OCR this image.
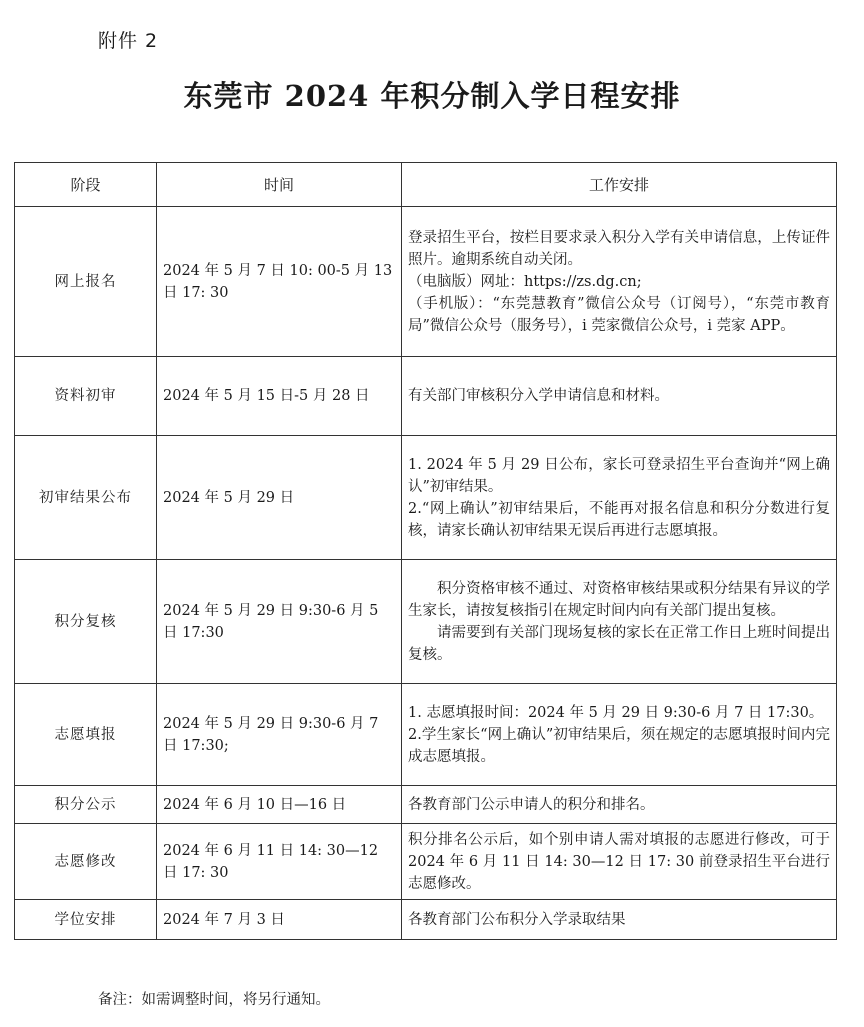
附件 2
东莞市 2024 年积分制入学日程安排
阶段	时间	工作安排
网上报名	2024 年 5 月 7 日 10: 00-5 月 13 日 17: 30	登录招生平台，按栏目要求录入积分入学有关申请信息，上传证件照片。逾期系统自动关闭。
（电脑版）网址：https://zs.dg.cn;
（手机版）：“东莞慧教育”微信公众号（订阅号），“东莞市教育局”微信公众号（服务号），i 莞家微信公众号，i 莞家 APP。

资料初审	2024 年 5 月 15 日-5 月 28 日	有关部门审核积分入学申请信息和材料。

初审结果公布	2024 年 5 月 29 日	1. 2024 年 5 月 29 日公布，家长可登录招生平台查询并“网上确认”初审结果。
2.“网上确认”初审结果后，不能再对报名信息和积分分数进行复核，请家长确认初审结果无误后再进行志愿填报。

积分复核	2024 年 5 月 29 日 9:30-6 月 5 日 17:30	积分资格审核不通过、对资格审核结果或积分结果有异议的学生家长，请按复核指引在规定时间内向有关部门提出复核。
请需要到有关部门现场复核的家长在正常工作日上班时间提出复核。

志愿填报	2024 年 5 月 29 日 9:30-6 月 7 日 17:30;	1. 志愿填报时间：2024 年 5 月 29 日 9:30-6 月 7 日 17:30。
2.学生家长“网上确认”初审结果后，须在规定的志愿填报时间内完成志愿填报。

积分公示	2024 年 6 月 10 日—16 日	各教育部门公示申请人的积分和排名。

志愿修改	2024 年 6 月 11 日 14: 30—12 日 17: 30	积分排名公示后，如个别申请人需对填报的志愿进行修改，可于 2024 年 6 月 11 日 14: 30—12 日 17: 30 前登录招生平台进行志愿修改。

学位安排	2024 年 7 月 3 日	各教育部门公布积分入学录取结果
备注：如需调整时间，将另行通知。
